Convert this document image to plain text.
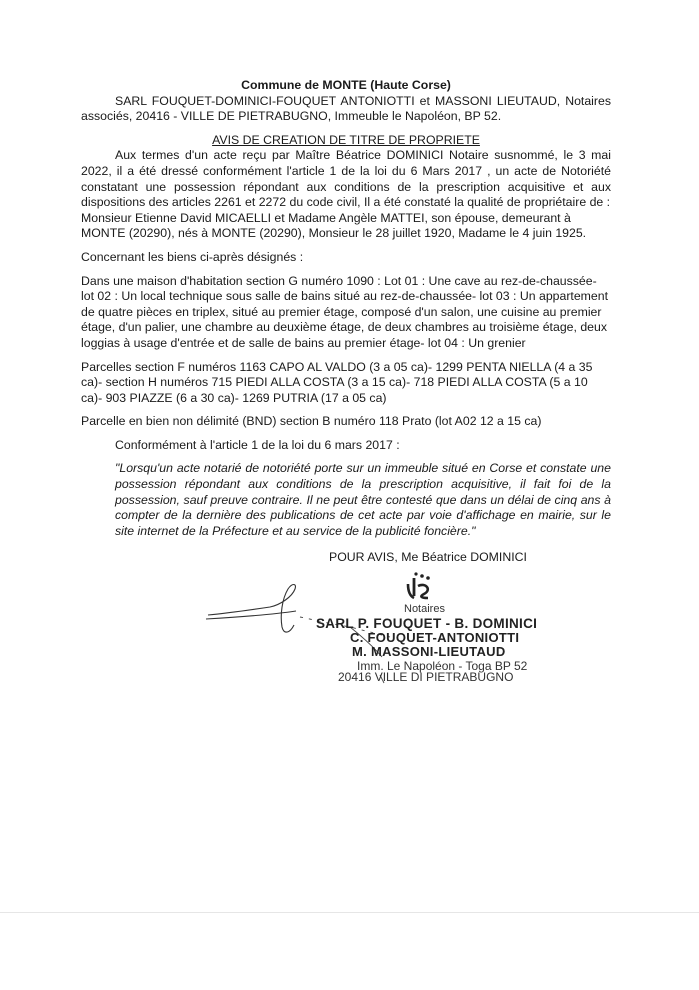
Commune de MONTE (Haute Corse)

SARL FOUQUET-DOMINICI-FOUQUET ANTONIOTTI et MASSONI LIEUTAUD, Notaires associés, 20416 - VILLE DE PIETRABUGNO, Immeuble le Napoléon, BP 52.

AVIS DE CREATION DE TITRE DE PROPRIETE

Aux termes d'un acte reçu par Maître Béatrice DOMINICI Notaire susnommé, le 3 mai 2022, il a été dressé conformément l'article 1 de la loi du 6 Mars 2017 , un acte de Notoriété constatant une possession répondant aux conditions de la prescription acquisitive et aux dispositions des articles 2261 et 2272 du code civil, Il a été constaté la qualité de propriétaire de :

Monsieur Etienne David MICAELLI et Madame Angèle MATTEI, son épouse, demeurant à MONTE (20290), nés à MONTE (20290), Monsieur le 28 juillet 1920, Madame le 4 juin 1925.

Concernant les biens ci-après désignés :

Dans une maison d'habitation section G numéro 1090 : Lot 01 : Une cave au rez-de-chaussée- lot 02 : Un local technique sous salle de bains situé au rez-de-chaussée- lot 03 : Un appartement de quatre pièces en triplex, situé au premier étage, composé d'un salon, une cuisine au premier étage, d'un palier, une chambre au deuxième étage, de deux chambres au troisième étage, deux loggias à usage d'entrée et de salle de bains au premier étage- lot 04 : Un grenier

Parcelles section F numéros 1163 CAPO AL VALDO (3 a 05 ca)- 1299 PENTA NIELLA (4 a 35 ca)- section H numéros 715 PIEDI ALLA COSTA (3 a 15 ca)- 718 PIEDI ALLA COSTA (5 a 10 ca)- 903 PIAZZE (6 a 30 ca)- 1269 PUTRIA (17 a 05 ca)

Parcelle en bien non délimité (BND) section B numéro 118 Prato (lot A02 12 a 15 ca)

Conformément à l'article 1 de la loi du 6 mars 2017 :

"Lorsqu'un acte notarié de notoriété porte sur un immeuble situé en Corse et constate une possession répondant aux conditions de la prescription acquisitive, il fait foi de la possession, sauf preuve contraire. Il ne peut être contesté que dans un délai de cinq ans à compter de la dernière des publications de cet acte par voie d'affichage en mairie, sur le site internet de la Préfecture et au service de la publicité foncière."

POUR AVIS, Me Béatrice DOMINICI

Notaires
SARL P. FOUQUET - B. DOMINICI
C. FOUQUET-ANTONIOTTI
M. MASSONI-LIEUTAUD
Imm. Le Napoléon - Toga BP 52
20416 VILLE DI PIETRABUGNO
